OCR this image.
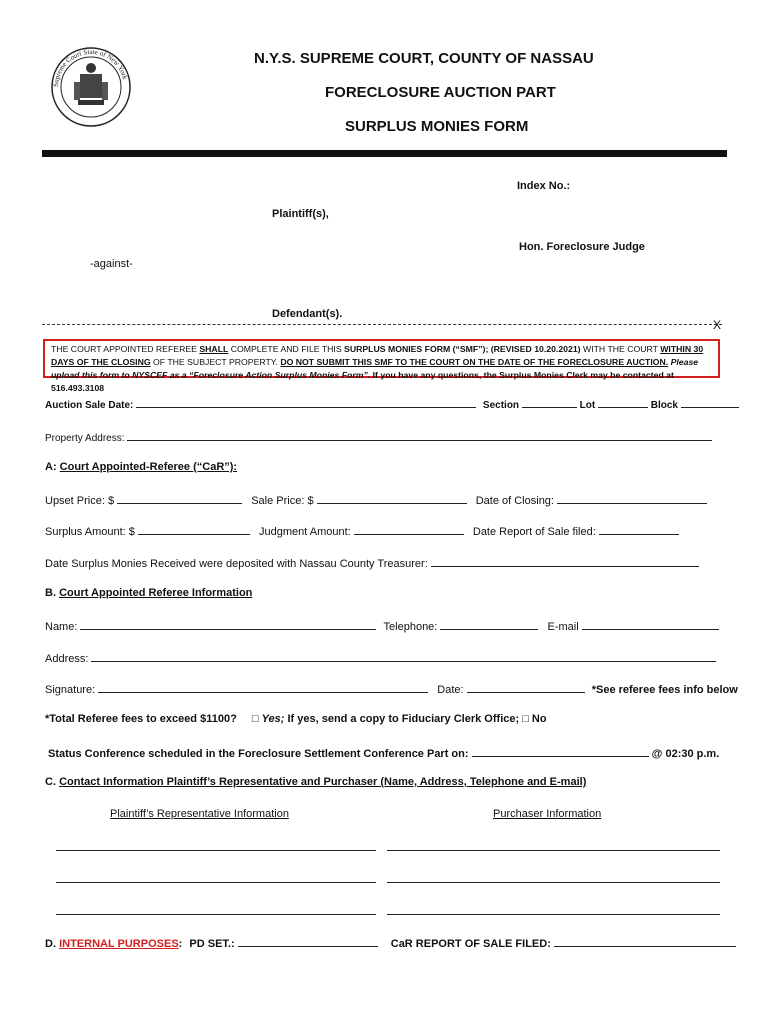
Supreme Court State of New York
N.Y.S. SUPREME COURT, COUNTY OF NASSAU
FORECLOSURE AUCTION PART
SURPLUS MONIES FORM
Index No.:
Plaintiff(s),
Hon. Foreclosure Judge
-against-
Defendant(s).
X
THE COURT APPOINTED REFEREE SHALL COMPLETE AND FILE THIS SURPLUS MONIES FORM (“SMF”); (REVISED 10.20.2021) WITH THE COURT WITHIN 30 DAYS OF THE CLOSING OF THE SUBJECT PROPERTY. DO NOT SUBMIT THIS SMF TO THE COURT ON THE DATE OF THE FORECLOSURE AUCTION. Please upload this form to NYSCEF as a “Foreclosure Action Surplus Monies Form”. If you have any questions, the Surplus Monies Clerk may be contacted at 516.493.3108
Auction Sale Date:	Section	Lot	Block
Property Address:
A: Court Appointed-Referee (“CaR”):
Upset Price: $	Sale Price: $	Date of Closing:
Surplus Amount: $	Judgment Amount:	Date Report of Sale filed:
Date Surplus Monies Received were deposited with Nassau County Treasurer:
B. Court Appointed Referee Information
Name:	Telephone:	E-mail
Address:
Signature:	Date:	*See referee fees info below
*Total Referee fees to exceed $1100? □ Yes; If yes, send a copy to Fiduciary Clerk Office; □ No
Status Conference scheduled in the Foreclosure Settlement Conference Part on:	@ 02:30 p.m.
C. Contact Information Plaintiff’s Representative and Purchaser (Name, Address, Telephone and E-mail)
Plaintiff’s Representative Information	Purchaser Information
D. INTERNAL PURPOSES: PD SET.:	CaR REPORT OF SALE FILED:
